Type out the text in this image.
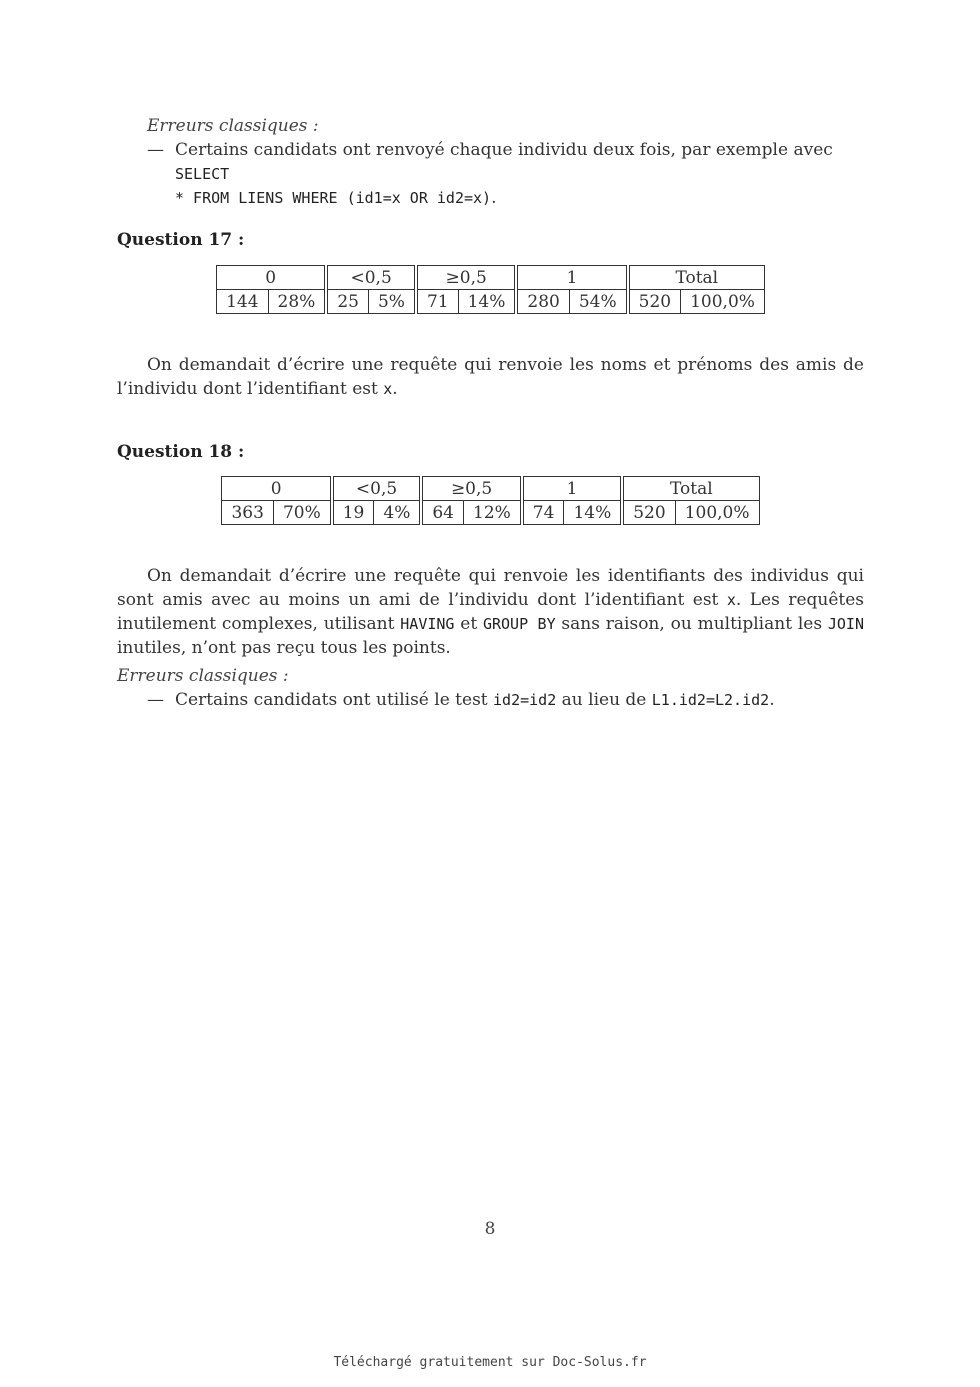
Erreurs classiques :
— Certains candidats ont renvoyé chaque individu deux fois, par exemple avec SELECT
* FROM LIENS WHERE (id1=x OR id2=x).
Question 17 :
0		<0,5		≥0,5		1		Total	
144	28%	25	5%	71	14%	280	54%	520	100,0%

On demandait d’écrire une requête qui renvoie les noms et prénoms des amis de l’individu dont l’identifiant est x.

Question 18 :
0		<0,5		≥0,5		1		Total	
363	70%	19	4%	64	12%	74	14%	520	100,0%

On demandait d’écrire une requête qui renvoie les identifiants des individus qui sont amis avec au moins un ami de l’individu dont l’identifiant est x. Les requêtes inutilement complexes, utilisant HAVING et GROUP BY sans raison, ou multipliant les JOIN inutiles, n’ont pas reçu tous les points.

Erreurs classiques :
— Certains candidats ont utilisé le test id2=id2 au lieu de L1.id2=L2.id2.
8
Téléchargé gratuitement sur Doc-Solus.fr
